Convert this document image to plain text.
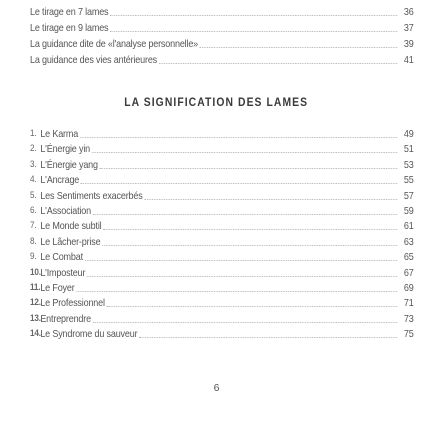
Le tirage en 7 lames	36
Le tirage en 9 lames	37
La guidance dite de «l'analyse personnelle»	39
La guidance des vies antérieures	41
LA SIGNIFICATION DES LAMES
1. Le Karma	49
2. L'Énergie yin	51
3. L'Énergie yang	53
4. L'Ancrage	55
5. Les Sentiments exacerbés	57
6. L'Association	59
7. Le Monde subtil	61
8. Le Lâcher-prise	63
9. Le Combat	65
10. L'Imposteur	67
11. Le Foyer	69
12. Le Professionnel	71
13. Entreprendre	73
14. Le Syndrome du sauveur	75
6
